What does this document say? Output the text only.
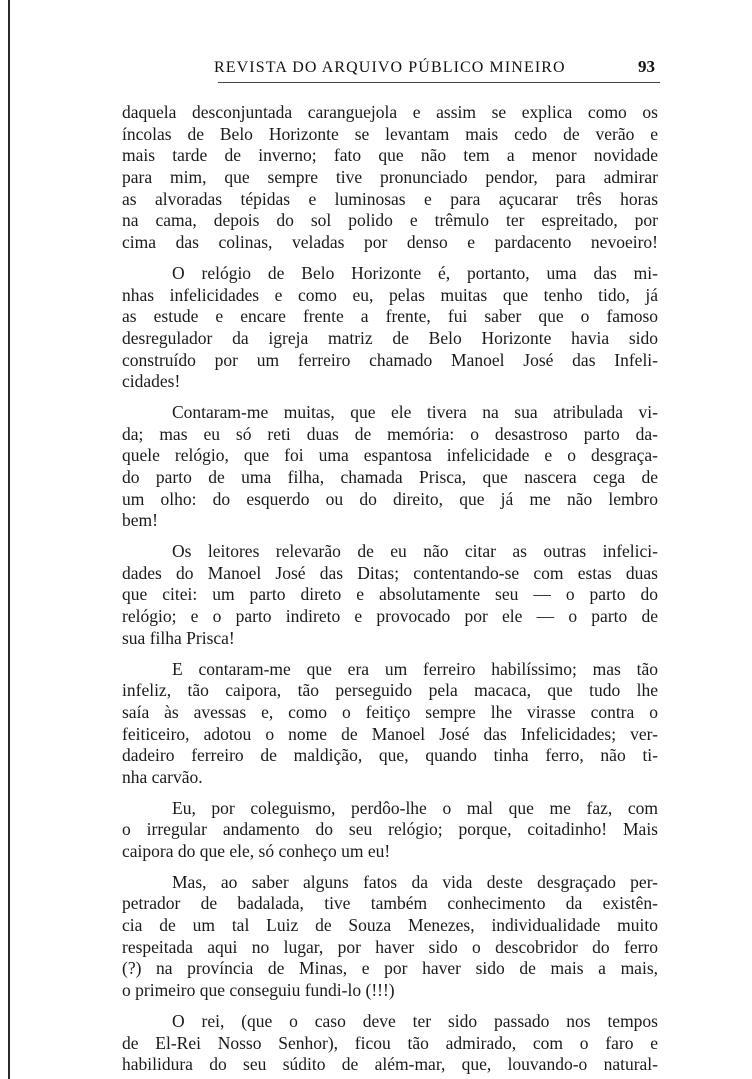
REVISTA DO ARQUIVO PÚBLICO MINEIRO	93

daquela desconjuntada caranguejola e assim se explica como os
íncolas de Belo Horizonte se levantam mais cedo de verão e
mais tarde de inverno; fato que não tem a menor novidade
para mim, que sempre tive pronunciado pendor, para admirar
as alvoradas tépidas e luminosas e para açucarar três horas
na cama, depois do sol polido e trêmulo ter espreitado, por
cima das colinas, veladas por denso e pardacento nevoeiro!

O relógio de Belo Horizonte é, portanto, uma das mi-
nhas infelicidades e como eu, pelas muitas que tenho tido, já
as estude e encare frente a frente, fui saber que o famoso
desregulador da igreja matriz de Belo Horizonte havia sido
construído por um ferreiro chamado Manoel José das Infeli-
cidades!

Contaram-me muitas, que ele tivera na sua atribulada vi-
da; mas eu só reti duas de memória: o desastroso parto da-
quele relógio, que foi uma espantosa infelicidade e o desgraça-
do parto de uma filha, chamada Prisca, que nascera cega de
um olho: do esquerdo ou do direito, que já me não lembro
bem!

Os leitores relevarão de eu não citar as outras infelici-
dades do Manoel José das Ditas; contentando-se com estas duas
que citei: um parto direto e absolutamente seu — o parto do
relógio; e o parto indireto e provocado por ele — o parto de
sua filha Prisca!

E contaram-me que era um ferreiro habilíssimo; mas tão
infeliz, tão caipora, tão perseguido pela macaca, que tudo lhe
saía às avessas e, como o feitiço sempre lhe virasse contra o
feiticeiro, adotou o nome de Manoel José das Infelicidades; ver-
dadeiro ferreiro de maldição, que, quando tinha ferro, não ti-
nha carvão.

Eu, por coleguismo, perdôo-lhe o mal que me faz, com
o irregular andamento do seu relógio; porque, coitadinho! Mais
caipora do que ele, só conheço um eu!

Mas, ao saber alguns fatos da vida deste desgraçado per-
petrador de badalada, tive também conhecimento da existên-
cia de um tal Luiz de Souza Menezes, individualidade muito
respeitada aqui no lugar, por haver sido o descobridor do ferro
(?) na província de Minas, e por haver sido de mais a mais,
o primeiro que conseguiu fundi-lo (!!!)

O rei, (que o caso deve ter sido passado nos tempos
de El-Rei Nosso Senhor), ficou tão admirado, com o faro e
habilidura do seu súdito de além-mar, que, louvando-o natural-
